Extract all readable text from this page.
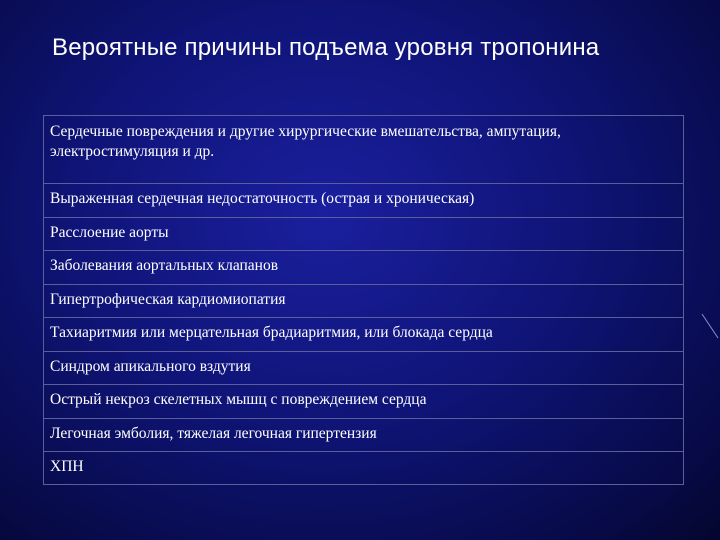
Вероятные причины подъема уровня тропонина
Сердечные повреждения и другие хирургические вмешательства, ампутация, электростимуляция и др.
Выраженная сердечная недостаточность (острая и хроническая)
Расслоение аорты
Заболевания аортальных клапанов
Гипертрофическая кардиомиопатия
Тахиаритмия или мерцательная брадиаритмия, или блокада сердца
Синдром апикального вздутия
Острый некроз скелетных мышц с повреждением сердца
Легочная эмболия, тяжелая легочная гипертензия
ХПН
